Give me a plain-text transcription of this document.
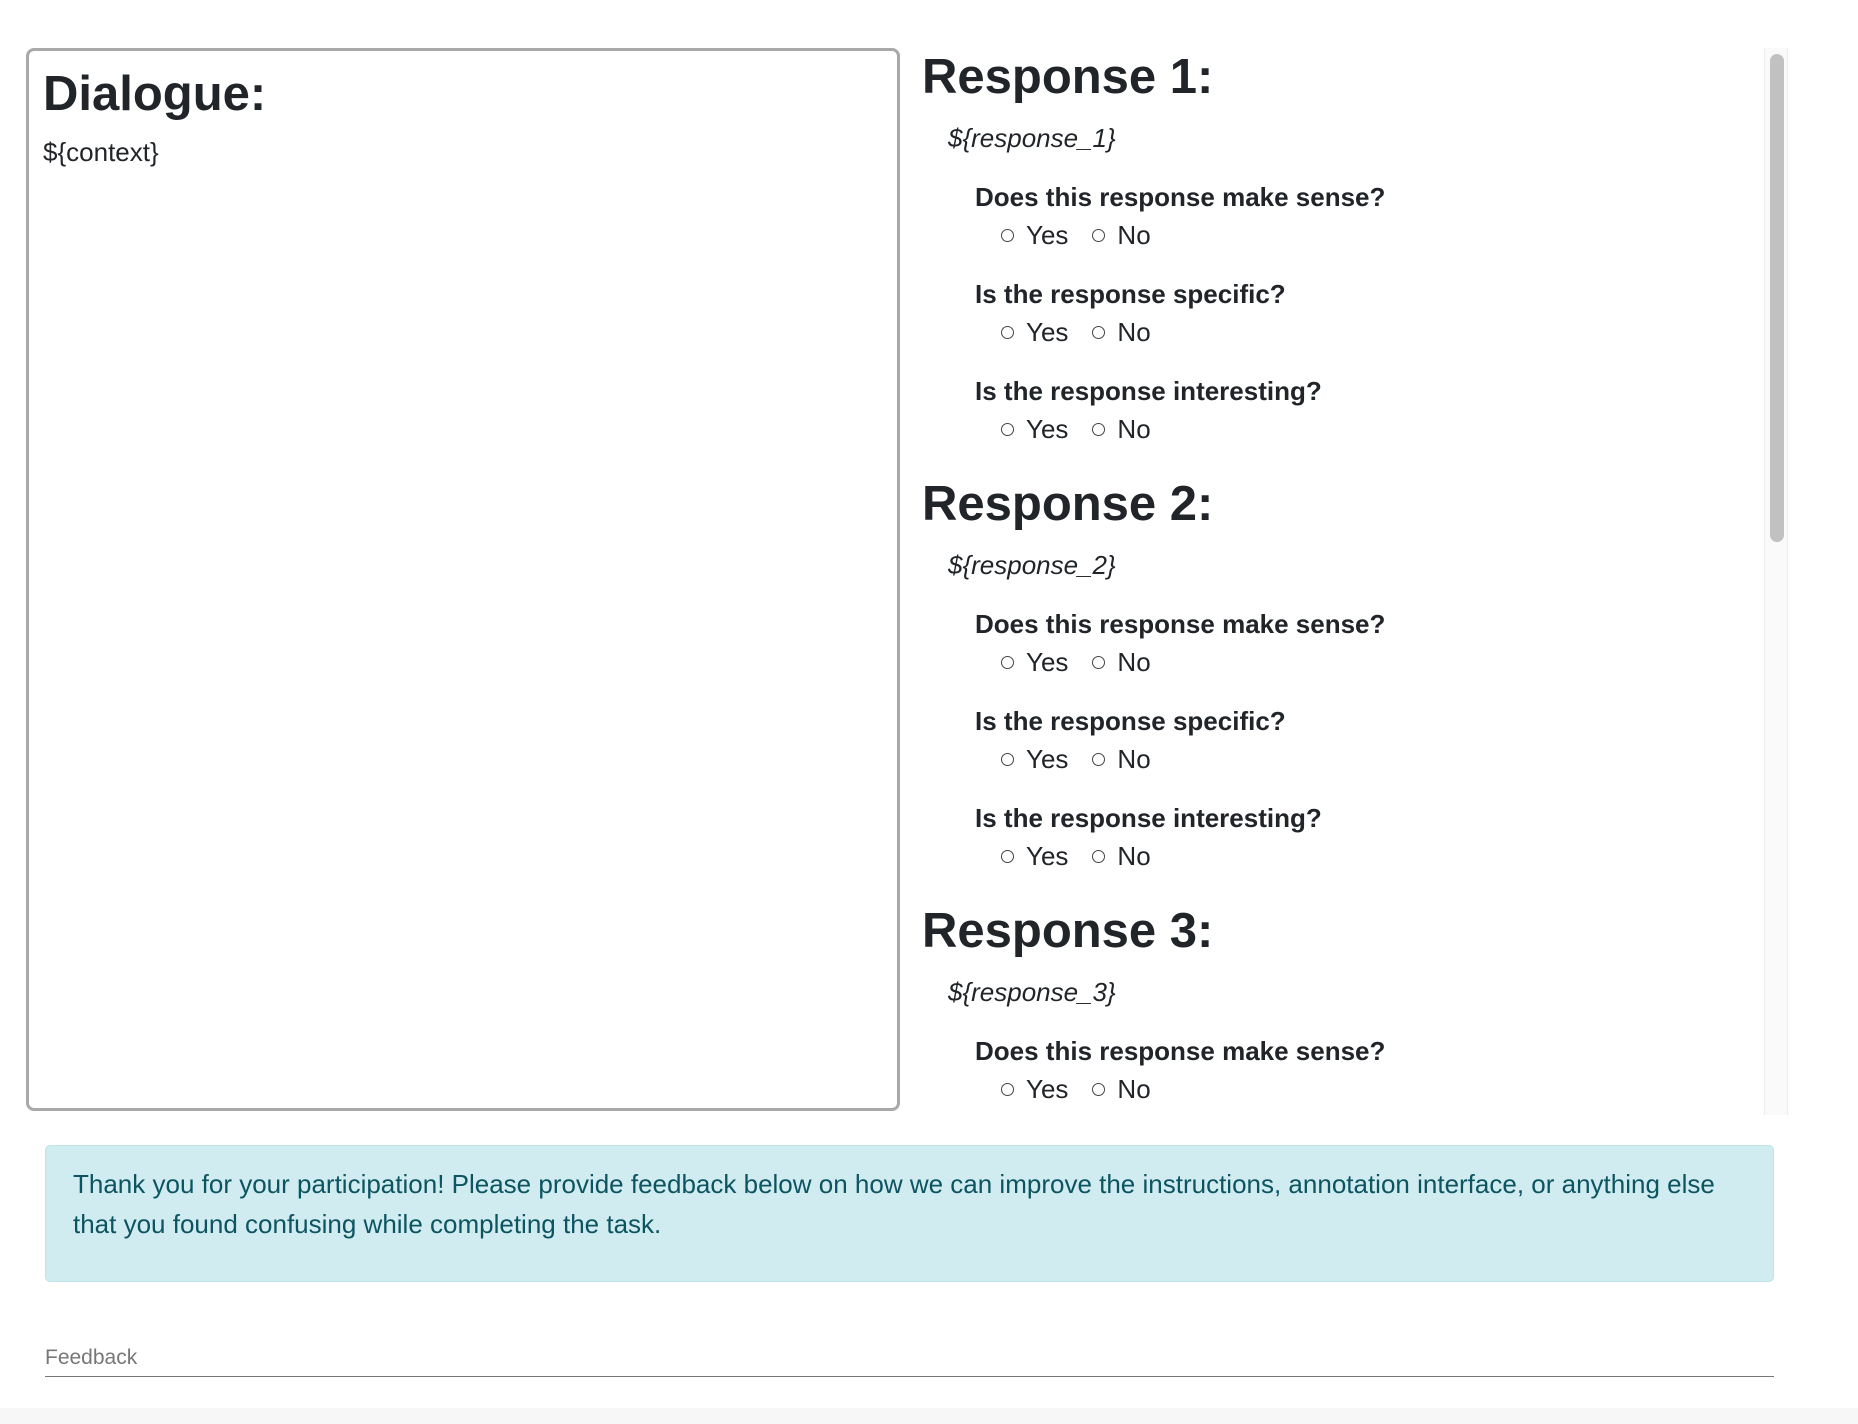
Dialogue:
${context}
Response 1:
${response_1}
Does this response make sense?
Yes No
Is the response specific?
Yes No
Is the response interesting?
Yes No
Response 2:
${response_2}
Does this response make sense?
Yes No
Is the response specific?
Yes No
Is the response interesting?
Yes No
Response 3:
${response_3}
Does this response make sense?
Yes No
Thank you for your participation! Please provide feedback below on how we can improve the instructions, annotation interface, or anything else that you found confusing while completing the task.
Feedback
